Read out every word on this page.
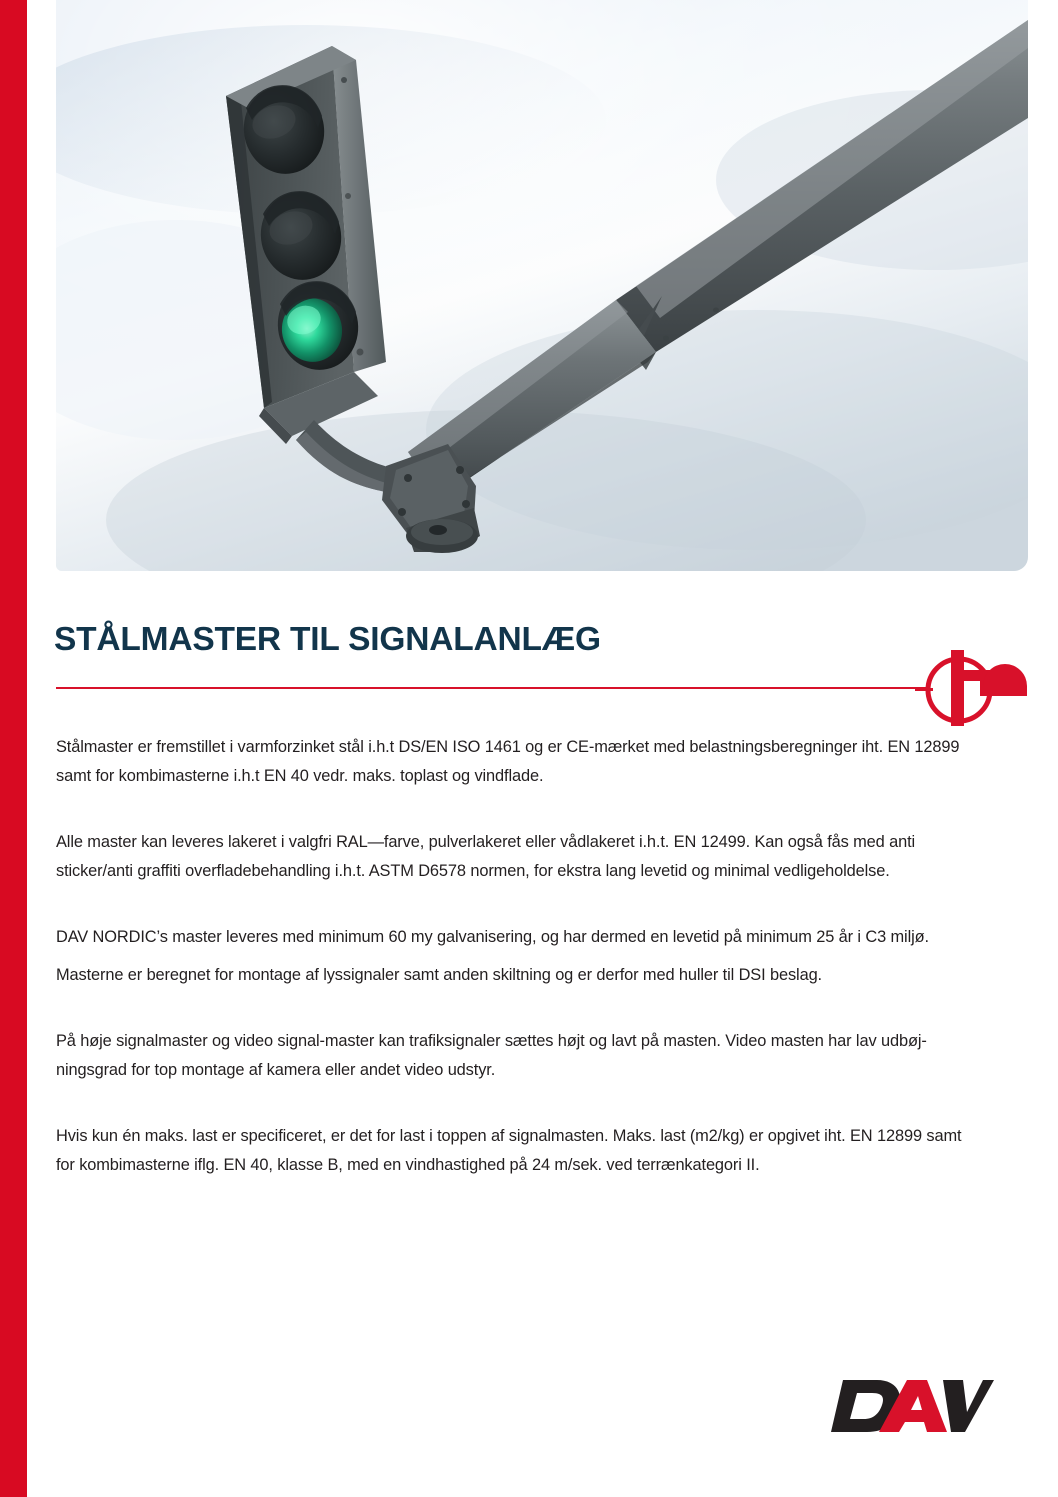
STÅLMASTER TIL SIGNALANLÆG

Stålmaster er fremstillet i varmforzinket stål i.h.t DS/EN ISO 1461 og er CE-mærket med belastningsberegninger iht. EN 12899 samt for kombimasterne i.h.t EN 40 vedr. maks. toplast og vindflade.

Alle master kan leveres lakeret i valgfri RAL—farve, pulverlakeret eller vådlakeret i.h.t. EN 12499. Kan også fås med anti sticker/anti graffiti overfladebehandling i.h.t. ASTM D6578 normen, for ekstra lang levetid og minimal vedligeholdelse.

DAV NORDIC’s master leveres med minimum 60 my galvanisering, og har dermed en levetid på minimum 25 år i C3 miljø.

Masterne er beregnet for montage af lyssignaler samt anden skiltning og er derfor med huller til DSI beslag.

På høje signalmaster og video signal-master kan trafiksignaler sættes højt og lavt på masten. Video masten har lav udbøj- ningsgrad for top montage af kamera eller andet video udstyr.

Hvis kun én maks. last er specificeret, er det for last i toppen af signalmasten. Maks. last (m2/kg) er opgivet iht. EN 12899 samt for kombimasterne iflg. EN 40, klasse B, med en vindhastighed på 24 m/sek. ved terrænkategori II.
